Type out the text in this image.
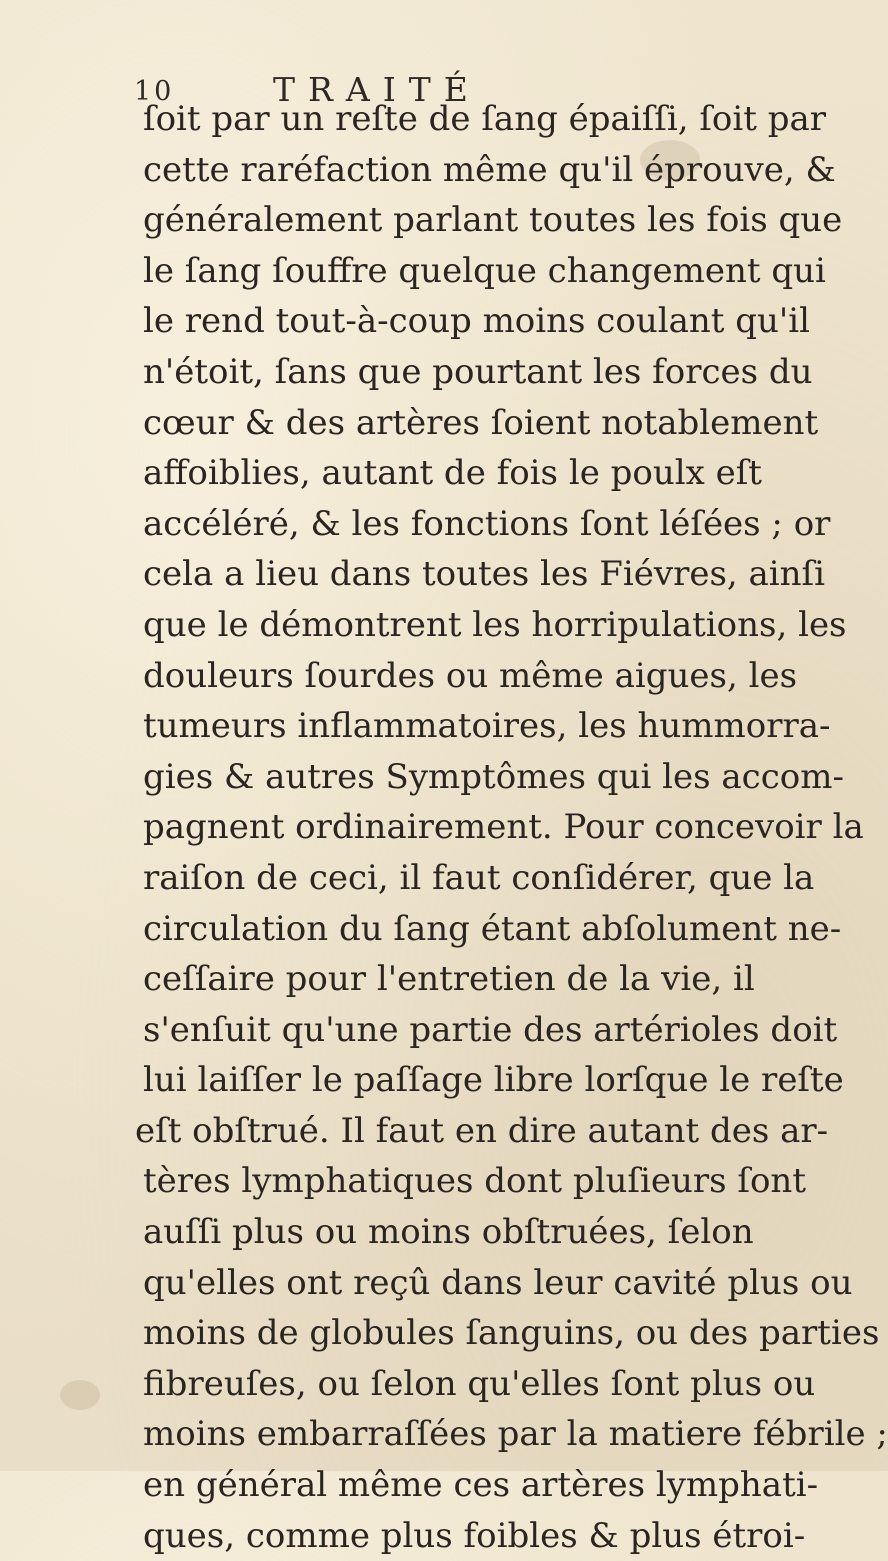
10	TRAITÉ
ſoit par un reſte de ſang épaiſſi, ſoit par
cette raréfaction même qu'il éprouve, &
généralement parlant toutes les fois que
le ſang ſouffre quelque changement qui
le rend tout-à-coup moins coulant qu'il
n'étoit, ſans que pourtant les forces du
cœur & des artères ſoient notablement
affoiblies, autant de fois le poulx eſt
accéléré, & les fonctions ſont léſées ; or
cela a lieu dans toutes les Fiévres, ainſi
que le démontrent les horripulations, les
douleurs ſourdes ou même aigues, les
tumeurs inflammatoires, les hummorra-
gies & autres Symptômes qui les accom-
pagnent ordinairement. Pour concevoir la
raiſon de ceci, il faut conſidérer, que la
circulation du ſang étant abſolument ne-
ceſſaire pour l'entretien de la vie, il
s'enſuit qu'une partie des artérioles doit
lui laiſſer le paſſage libre lorſque le reſte
eſt obſtrué. Il faut en dire autant des ar-
tères lymphatiques dont pluſieurs ſont
auſſi plus ou moins obſtruées, ſelon
qu'elles ont reçû dans leur cavité plus ou
moins de globules ſanguins, ou des parties
fibreuſes, ou ſelon qu'elles ſont plus ou
moins embarraſſées par la matiere fébrile ;
en général même ces artères lymphati-
ques, comme plus foibles & plus étroi-
